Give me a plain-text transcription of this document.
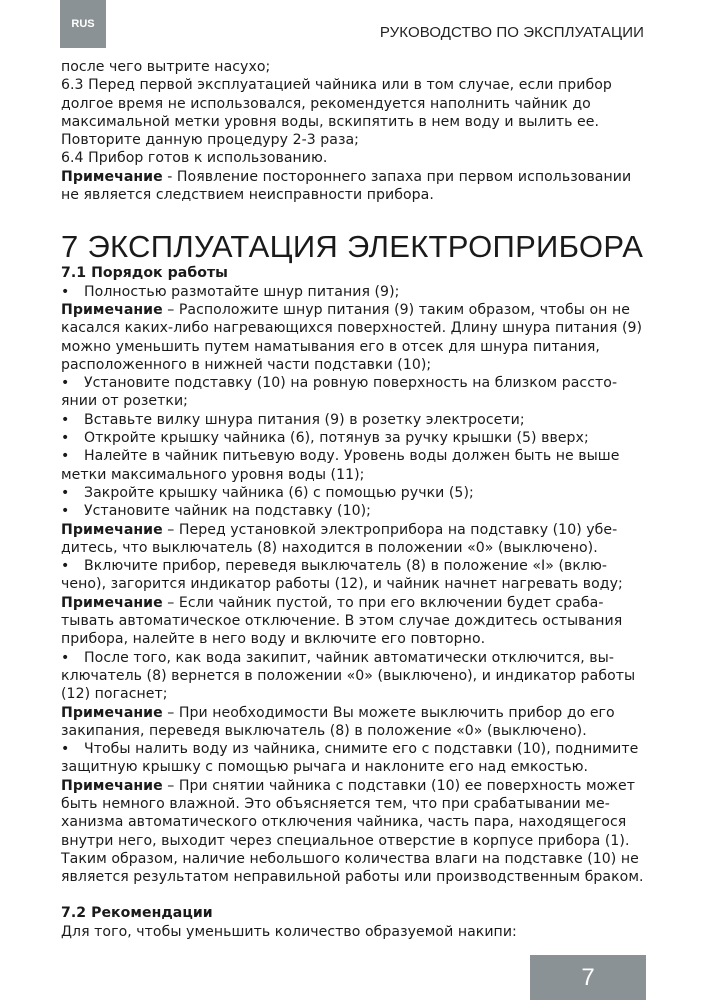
RUS	РУКОВОДСТВО ПО ЭКСПЛУАТАЦИИ

после чего вытрите насухо;

6.3 Перед первой эксплуатацией чайника или в том случае, если прибор долгое время не использовался, рекомендуется наполнить чайник до максимальной метки уровня воды, вскипятить в нем воду и вылить ее. Повторите данную процедуру 2-3 раза;

6.4 Прибор готов к использованию.

Примечание - Появление постороннего запаха при первом использовании не является следствием неисправности прибора.

7 ЭКСПЛУАТАЦИЯ ЭЛЕКТРОПРИБОРА

7.1 Порядок работы

• Полностью размотайте шнур питания (9);

Примечание – Расположите шнур питания (9) таким образом, чтобы он не касался каких-либо нагревающихся поверхностей. Длину шнура питания (9) можно уменьшить путем наматывания его в отсек для шнура питания, расположенного в нижней части подставки (10);

• Установите подставку (10) на ровную поверхность на близком расстоянии от розетки;

• Вставьте вилку шнура питания (9) в розетку электросети;

• Откройте крышку чайника (6), потянув за ручку крышки (5) вверх;

• Налейте в чайник питьевую воду. Уровень воды должен быть не выше метки максимального уровня воды (11);

• Закройте крышку чайника (6) с помощью ручки (5);

• Установите чайник на подставку (10);

Примечание – Перед установкой электроприбора на подставку (10) убедитесь, что выключатель (8) находится в положении «0» (выключено).

• Включите прибор, переведя выключатель (8) в положение «I» (включено), загорится индикатор работы (12), и чайник начнет нагревать воду;

Примечание – Если чайник пустой, то при его включении будет срабатывать автоматическое отключение. В этом случае дождитесь остывания прибора, налейте в него воду и включите его повторно.

• После того, как вода закипит, чайник автоматически отключится, выключатель (8) вернется в положении «0» (выключено), и индикатор работы (12) погаснет;

Примечание – При необходимости Вы можете выключить прибор до его закипания, переведя выключатель (8) в положение «0» (выключено).

• Чтобы налить воду из чайника, снимите его с подставки (10), поднимите защитную крышку с помощью рычага и наклоните его над емкостью.

Примечание – При снятии чайника с подставки (10) ее поверхность может быть немного влажной. Это объясняется тем, что при срабатывании механизма автоматического отключения чайника, часть пара, находящегося внутри него, выходит через специальное отверстие в корпусе прибора (1). Таким образом, наличие небольшого количества влаги на подставке (10) не является результатом неправильной работы или производственным браком.

7.2 Рекомендации

Для того, чтобы уменьшить количество образуемой накипи:

7
